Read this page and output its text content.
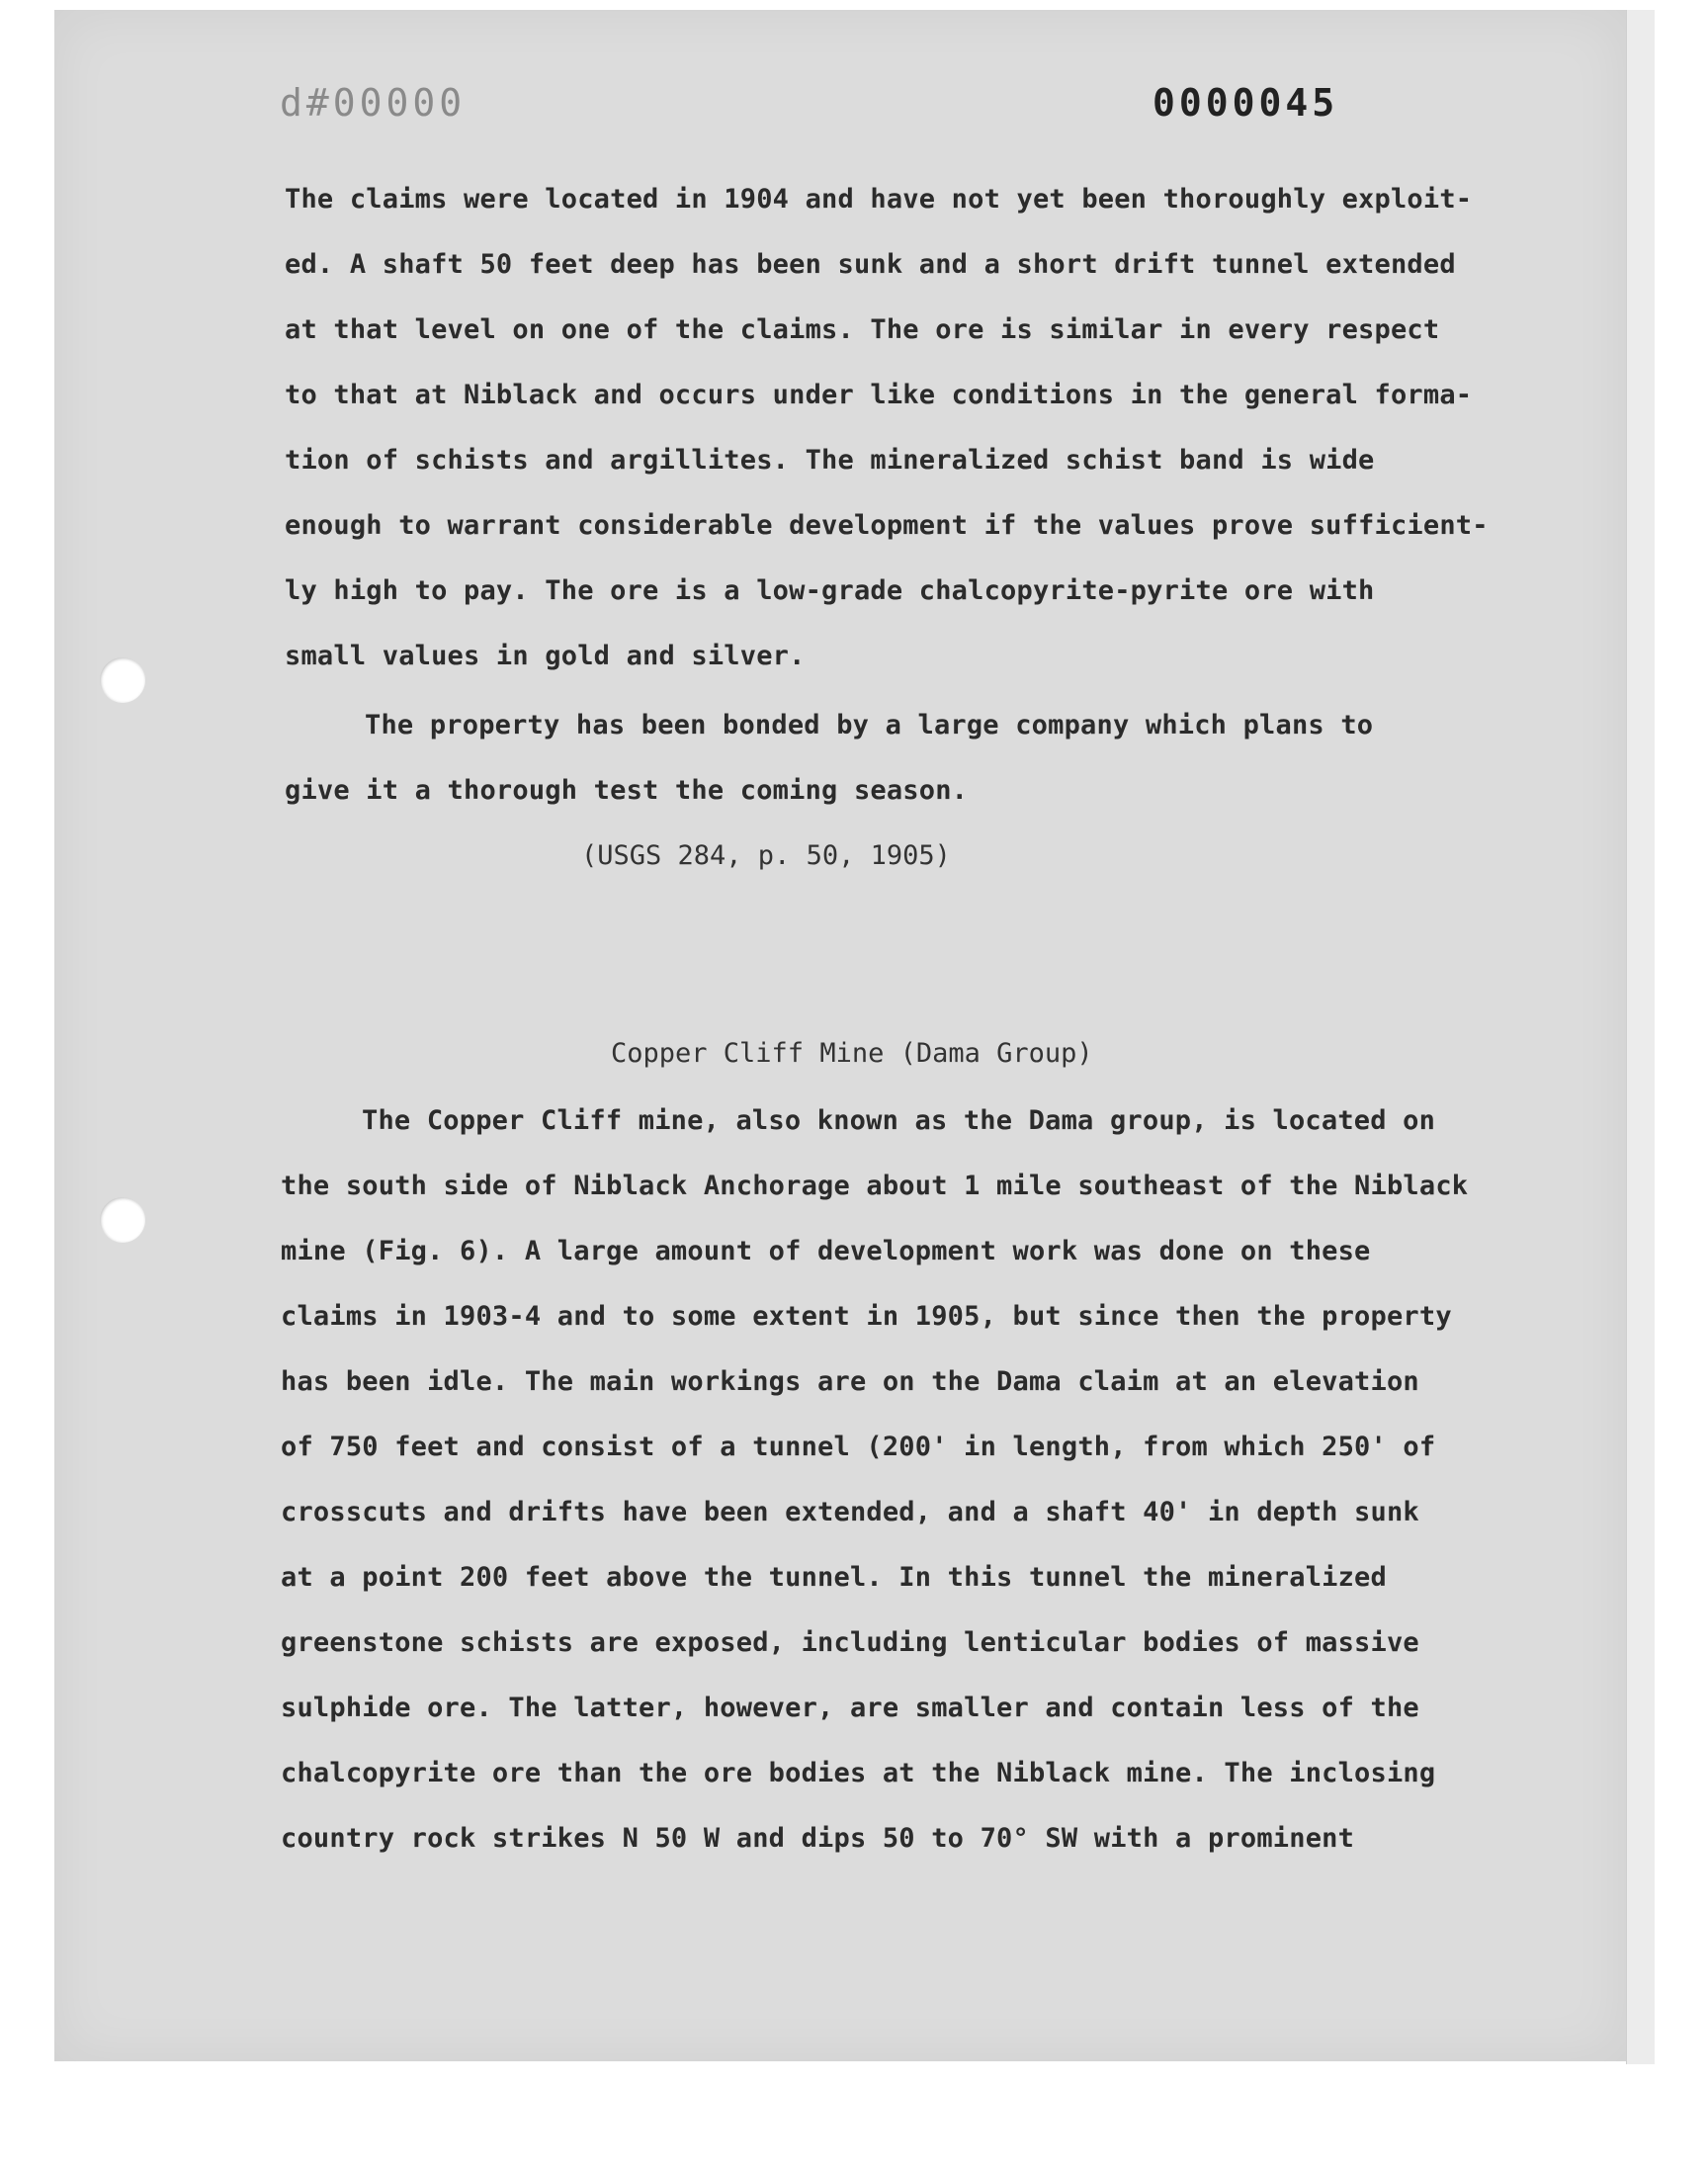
d#00000	0000045
The claims were located in 1904 and have not yet been thoroughly exploit-
ed. A shaft 50 feet deep has been sunk and a short drift tunnel extended
at that level on one of the claims. The ore is similar in every respect
to that at Niblack and occurs under like conditions in the general forma-
tion of schists and argillites. The mineralized schist band is wide
enough to warrant considerable development if the values prove sufficient-
ly high to pay. The ore is a low-grade chalcopyrite-pyrite ore with
small values in gold and silver.
The property has been bonded by a large company which plans to
give it a thorough test the coming season.
(USGS 284, p. 50, 1905)
Copper Cliff Mine (Dama Group)
The Copper Cliff mine, also known as the Dama group, is located on
the south side of Niblack Anchorage about 1 mile southeast of the Niblack
mine (Fig. 6). A large amount of development work was done on these
claims in 1903-4 and to some extent in 1905, but since then the property
has been idle. The main workings are on the Dama claim at an elevation
of 750 feet and consist of a tunnel (200' in length, from which 250' of
crosscuts and drifts have been extended, and a shaft 40' in depth sunk
at a point 200 feet above the tunnel. In this tunnel the mineralized
greenstone schists are exposed, including lenticular bodies of massive
sulphide ore. The latter, however, are smaller and contain less of the
chalcopyrite ore than the ore bodies at the Niblack mine. The inclosing
country rock strikes N 50 W and dips 50 to 70° SW with a prominent
